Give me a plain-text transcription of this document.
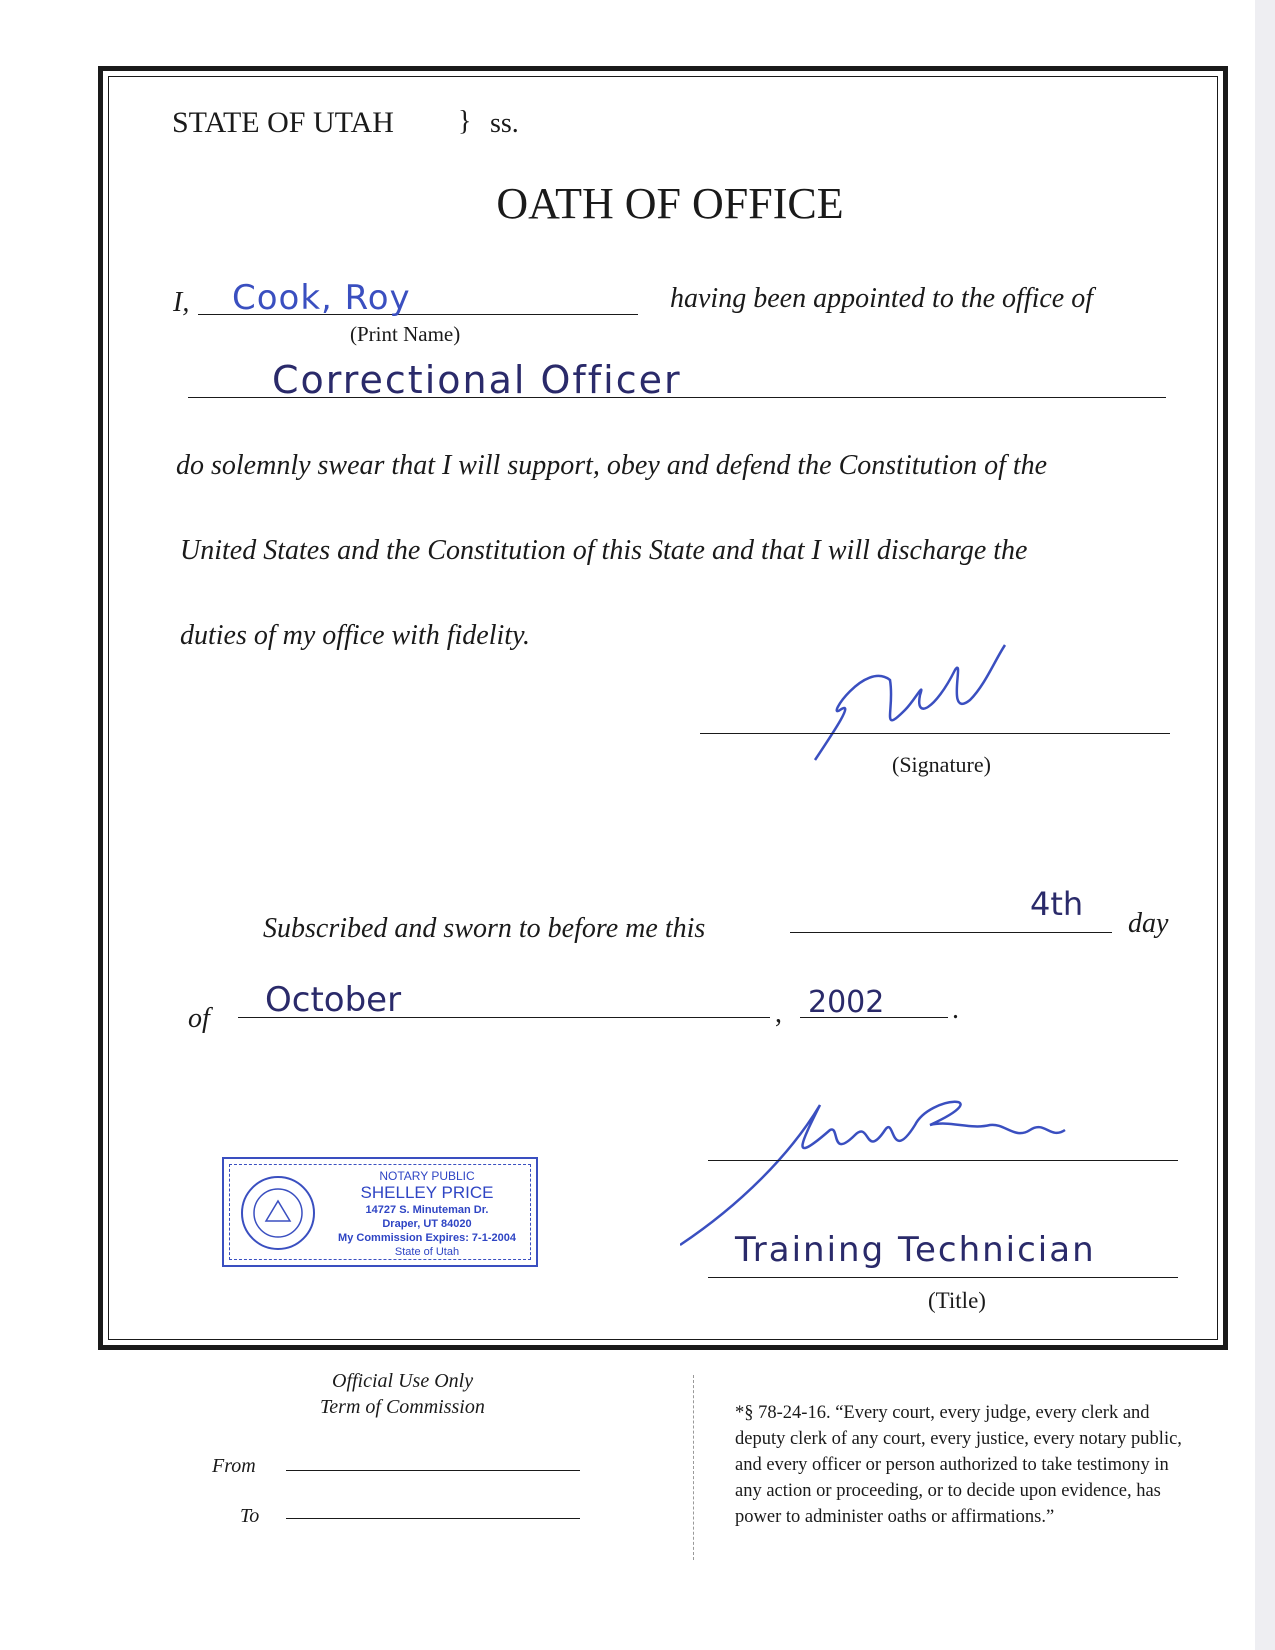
STATE OF UTAH } ss.
OATH OF OFFICE
I, Cook, Roy
(Print Name)
having been appointed to the office of
Correctional Officer
do solemnly swear that I will support, obey and defend the Constitution of the
United States and the Constitution of this State and that I will discharge the
duties of my office with fidelity.
(Signature)
Subscribed and sworn to before me this
4th
day
of October	, 2002 .
NOTARY PUBLIC
SHELLEY PRICE
14727 S. Minuteman Dr.
Draper, UT 84020
My Commission Expires: 7-1-2004
State of Utah	Training Technician
(Title)
Official Use Only
Term of Commission
From
To
*§ 78-24-16. “Every court, every judge, every clerk and
deputy clerk of any court, every justice, every notary public,
and every officer or person authorized to take testimony in
any action or proceeding, or to decide upon evidence, has
power to administer oaths or affirmations.”
